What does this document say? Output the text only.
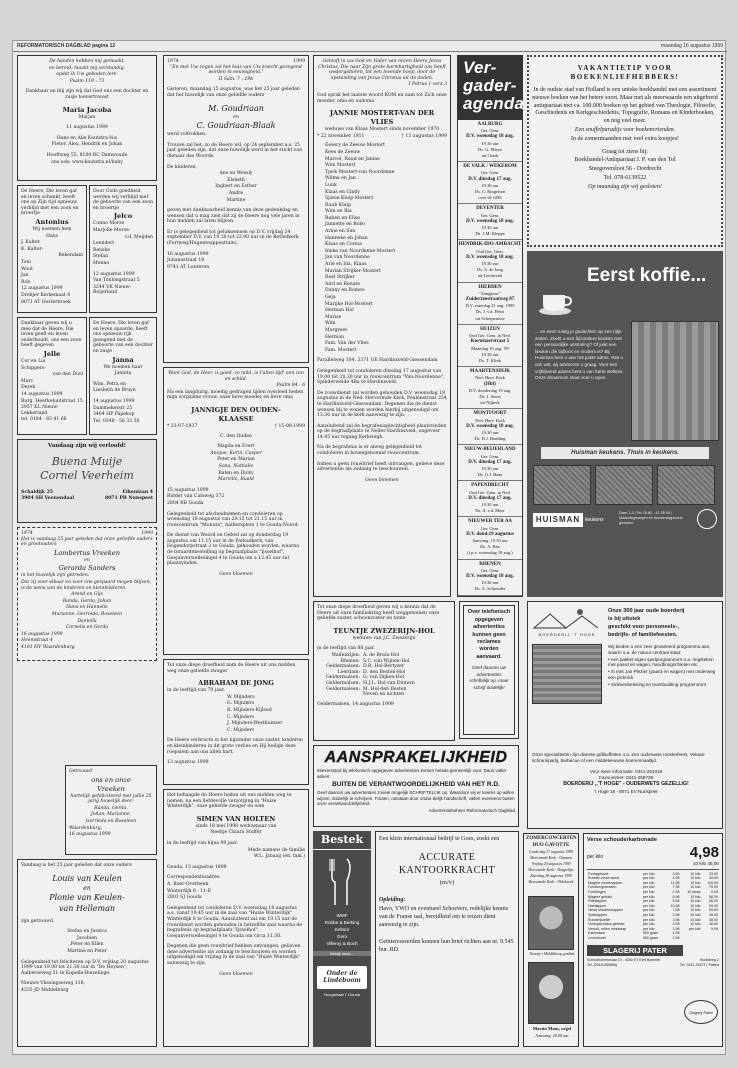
REFORMATORISCH DAGBLAD pagina 12	maandag 16 augustus 1999

De handen hebben mij gemaakt,

en bereid; maakt mij verstandig,

opdat ik Uw geboden lere.

Psalm 119 : 73

Dankbaar en blij zijn wij dat God ons een dochter en zusje toevertrouwt

Maria Jacoba

Marjan

11 augustus 1999

Hans en Alie Koutstra-Vos

Pieter, Alex, Hendrik en Johan

Hooftweg 55, 8104 BC Damwoude

ons ook: www.koutstra.nl/baby

De Heere, Die leven gaf en leven schenkt, heeft ons op Zijn tijd opnieuw verblijd met een zoon en broertje

Antonius

Wij noemen hem

Hans

J. Kalter

K. Kalter-

Bekendam

Toni

Wout

Jan

Rob

12 augustus 1999

Drehjer Kerkemaat 8

8071 AT Oosterbroek

Door Gods goedheid werden wij verblijd met de geboorte van een zoon en broertje

Jelco

Conno Morse

Marjolle Morse-

v.d. Meijden

Leendert

Renske

Stefan

Menno

12 augustus 1999

Van Tonlongstraat 5

3244 VK Nieuw-Beijerland

Dankbaar geven wij u mee dat de Heere, Die leven geeft en leven onderhoudt, ons een zoon heeft gegeven

Jelle

Cor en Lia

Schippers-

van den Dool

Marc

Derek

14 augustus 1999

Burg. Heerkebuitstraat 15

2957 KL Nieuw-Lekkerland

tel. 0184 - 83 41 66

De Heere, Die leven gaf en leven spaarde, heeft ons opnieuw rijk gezegend met de geboorte van een dochter en zusje

Janna

We noemen haar

Jannita

Wim, Petra en

Liesbeth de Bruyn

14 augustus 1999

Dammekerstr 25

3464 HP Papekop

Tel. 0348 - 56 33 30

Vandaag zijn wij verloofd!

Buena Muije

Cornel Veerheim

Schaldijk 25

3904 SH Veenendaal

Eikenlaan 4

8071 PB Nunspeet

1974	1999

Het is vandaag 25 jaar geleden dat onze geliefde ouders en grootouders

Lambertus Vreeken

en

Gerarda Sanders

in het huwelijk zijn getreden.

Dat zij voor elkaar en voor ons gespaard mogen blijven, is de wens van de kinderen en kleinkinderen.

Arend en Gijs

Randa, Gerda, Johan

Hans en Hannelie

Marianne, Gerrieda, Roseleen

Daniella

Cornelis en Gerda

16 augustus 1999

Heemstraat 4

4181 HV Waardenburg

Getrouwd

ons en onze

Vreeken

hartelijk gefeliciteerd met jullie 25 jarig huwelijk door:

Randa, Gerda,

Johan, Marianne,

Gerrieda en Roseleen

Waardenburg,

16 augustus 1999

Vandaag is het 25 jaar geleden dat onze ouders

Louis van Keulen

en

Plonie van Keulen-

van Helleman

zijn getrouwd.

Stefan en Jessica

Jacobien

Peter en Ellen

Martine en Peter

Gelegenheid tot feliciteren op D.V. vrijdag 20 augustus 1999 van 19.00 tot 21.30 uur in "De Heysen", Aalberseweg 51 te Kapelle-Biezelinge.

Nieuwe Vlissingseweg 116,

4335 JD Middelburg

1974	1999

"En met Uw zegen zal het huis van Uw knecht gezegend worden in eeuwigheid."

II Sam. 7 : 29b

Gisteren, maandag 15 augustus, was het 25 jaar geleden dat het huwelijk van onze geliefde ouders

M. Goudriaan

en

C. Goudriaan-Blaak

werd voltrokken.

Trouwe zal het, zo de Heere wil, op 24 september a.s. 25 jaar geleden zijn, dat onze huwelijk werd in het sticht van dienaar des Woords.

De kinderen,

Ans en Wessly

Elsbeth

Ingbert en Esther

Andre

Martine

geven met dankbaarheid kennis van deze gedenkdag en wensen dat u mag zien dat zij de Heere nog vele jaren in hun midden zal laten blijven.

Er is gelegenheid tot gelukwensen op D.V. vrijdag 24 september D.V. van 19.30 tot 22.00 uur in de Bethelkerk (Fortweg/Hugenteappeattain).

16 augustus 1999

Julianastraat 18

9741 AT Lunteren

Want God, de Heer, is goed, zo mild, is t'allen tijd' een zon en schild.

Psalm 84 : 6

Na een langdurig, moedig gedragen lijden overleed heden mijn zorgzame vrouw, onze lieve moeder en lieve oma

JANNIGJE DEN OUDEN-

KLAASSE

* 23-07-1937	† 15-08-1999

C. den Ouden

Magda en Evert

Anique, Karin, Casper

Peter en Marian

Sona, Nathalie

Baten en Dicky

Marvillo, Ruald

15 augustus 1999

Ridder van Catsweg 372

2804 RB Gouda

Gelegenheid tot afscheidnemen en condoleren op woensdag 18 augustus van 20.15 tot 21.15 uur in rouwcentrum "Monuta", Aalbersplein 1 te Gouda-Noord.

De dienst van Woord en Gebed zal op donderdag 19 augustus om 11.15 uur in de Parkadkerk, van Hogendorpstraat 2 te Gouda, gehouden worden, waarna de teraardebestelling op begraafplaats "Ijsselhof", Goejanverwellesingel 4 te Gouda om a 12.45 uur zal plaatsvinden.

Geen bloemen

Tot onze diepe droefheid nam de Heere uit ons midden weg onze geliefde zwager

ABRAHAM DE JONG

in de leeftijd van 79 jaar.

W. Mijnders

G. Mijnders

B. Mijnders-Kijlsuit

C. Mijnders

J. Mijnders-Westhuinzer

C. Mijnders

De Heere verbracte in het bijzonder onze zuster, kinderen en kleinkinderen in dit grote verlies en Hij heilige deze roepstem aan ons allen hart.

13 augustus 1999

Het behaagde de Heere heden uit ons midden weg te nemen, na een liefdevolle verzorging in "Huize Winterdijk", onze geliefde zwager en oom

SIMEN VAN HOLTEN

sinds 18 mei 1998 weduwnaar van

Neeltje Chiara Stoffer

in de leeftijd van bijna 99 jaar.

Mede namens de familie

W.L. Jabaaij (en. fam.)

Gouda, 13 augustus 1999

Correspondentieadres:

A. Boer-Overbeek

Winterdijk 8 - 11-E

2801 SJ Gouda

Gelegenheid tot condoleren D.V. woensdag 18 augustus a.s. vanaf 19.45 uur in de zaal van "Huize Winterdijk" Winterdijk 8 te Gouda. Aansluitend zal om 19.15 uur de rouwdienst worden gehouden in hetzelfde zaal waarna de begrafenis op begraafplaats "Ijsselhof", Goejanverwellesingel 4 te Gouda om circa 11.30.

Degenen die geen rouwbrief hebben ontvangen, gelieven deze advertentie als zodanig te beschouwen en worden uitgenodigd om vrijdag in de zaal van "Huize Winterdijk" aanwezig te zijn.

Geen bloemen

Gelooft in uw God en Vader van onzen Heere Jezus Christus, Die naar Zijn grote barmhartigheid ons heeft wedergeboren, tot een levende hoop, door de opstanding van Jezus Christus uit de doden.

I Petrus 1 vers 3

God sprak het laatste woord KOM en nam tot Zich onze moeder, oma en oudoma

JANNIE MOSTERT-VAN DER

VLIES

weduwe van Klaas Mostert sinds november 1970

* 22 november 1911	† 13 augustus 1999

Eesery de Zeeuw-Mostert

Kees de Zeeuw

Marcel, Ruud en Janine

Wim Mostert

Tjerk Mostert-van Noordenne

Wilma en Jan

Luuk

Klaas en Cindy

Sjanie Kluip-Mostert

Ruub Kluip

Wim en Ria

Ruben en Elise

Jannette en Bobo

Arnie en Sim

Hanneke en Johan

Klaas en Corina

Ineke van Noordenne-Mostert

Jan van Noordenne

Arie en Ida, Klaas

Marian Strijker-Mostert

Roel Strijker

Aird en Renate

Danny en Romeo

Geja

Marijke Hol-Mostert

Herman Hol

Marise

Wim

Margreet

Herman

Fam. Van der Vlies

Fam. Mostert

Paralleiweg 104, 3371 GE Hardinxveld-Giessendam

Gelegenheid tot condoleren dinsdag 17 augustus van 19.00 tot 20.30 uur in rouwcentrum "Van-Noordenne", Spinderweide 4Ba te Hardinxveld.

De rouwdienst zal worden gehouden D.V. woensdag 18 augustus in de Ned. Hervormde Kerk, Peulenstraat 254 te Hardinxveld-Giessendam. Degenen die de dienst wensen bij te wonen worden hierbij uitgenodigd om 13.30 uur in de kerk aanwezig te zijn.

Aansluitend zal de begrafenisplechtigheid plaatsvinden op de begraafplaats te Neder-Hardinxveld, ongeveer 14.45 uur tegang Kerkwegh.

Na de begrafenis is er alweg gelegenheid tot condoleren in bovengenoemd rouwcentrum.

Indien u geen rouwbrief heeft ontvangen, gelieve deze advertentie als zodanig te beschouwen.

Geen bloemen

Tot onze diepe droefheid geven wij u kennis dat de Heere uit onze familiekring heeft weggenomen onze geliefde zuster, schoonzuster en tante

TEUNTJE ZWEZERIJN-HOL

weduwe van J.C. Zwezerijn

in de leeftijd van 88 jaar.

Wadenxijen: A. de Bruin-Hol
Rhenen: S.C. van Wijnen-Hol
Geldermalsen: D.R. Hol-Bertyzer
Leerdam: D. den Besten-Hol
Geldermalsen: G. van Dijken-Hol
Geldermalsen: H.J.L. Hol-van Dintern
Geldermalsen: M. Hol-den Besten
Neven en nichten

Geldermalsen, 14 augustus 1999

Over telefonisch

opgegeven

advertenties

kunnen geen

reclames worden

aanvaard.

Geef daarom uw

advertenties

schriftelijk op, maar

schrijf duidelijk!

AANSPRAKELIJKHEID

Mieverstand bij telefonisch opgegeven advertenties komen helaas gemeenlijk voor. Daus valter advert

BUITEN DE VERANTWOORDELIJKHEID VAN HET R.D.

Geef daarom uw advertenties zoveel mogelijk SCHRIFTELIJK op. Waardoor wij er tevens op willen wijzen, duidelijk te schrijven. Fouten, ontstaan door ondui-delijk handschrift, vallen eveneens buiten onze verantwoordelijkheid.

Advertentiebeheer Reformatorisch Dagblad

Bestek

WMF

Robbe & Berking

Keltum

Gero

Villeroy & Boch

Bekijk onze...

Onder de Lindeboom

Hoogstraat 7 Gouda

Een klein internationaal bedrijf te Goes, zoekt een

ACCURATE

KANTOORKRACHT

(m/v)

Opleiding:

Havo, VWO en eventueel Schoevers, redelijke kennis van de Franse taal, bereidheid om te reizen dient aanwezig te zijn.

Geïnteresseerden kunnen hun brief richten aan nr. 9.545 bur. RD.

Ver-
gader-
agenda

AALBURG

Ger. Gem.

D.V. woensdag 18 aug.

19.30 uur

Ds. G. Mieye

uit Ootek

DE VALK / WEKEROM

Ger. Gem.

D.V. dinsdag 17 aug.

19.30 uur

Ds. C. Ringelsen

over de GBS

DEVENTER

Ger. Gem.

D.V. woensdag 18 aug.

19.30 uur

Ds. J.M. Kleppe

HENDRIK-IDO-AMBACHT

Oud Ger. Gem.

D.V. woensdag 18 aug.

19.30 uur

Ds. S. de Jong

uit Leerbroek

HIERDEN

"Zangkoor"

Zuiderzeestraatweg 87

D.V. zaterdag 21 aug. 1999

Ds. J. v.d. Heist

uit Scherpenisse

HUIZEN

Oud Ger. Gem. in Ned.

Kortenaerstraat 5

Maandag 16 aug. '99

19.30 uur

Ds. T. Klink

MAARTENSDIJK

Ned. Herv. Kerk

(Hbf)

D.V. donderdag 19 aug.

Ds. J. Steen

uit Nijkerk

MONTFOORT

Ned. Herv. Kerk

D.V. woensdag 18 aug.

19.30 uur

Ds. D.J. Budding

NIEUW-BEIJERLAND

Ger. Gem.

D.V. dinsdag 17 aug.

19.30 uur

Ds. G.J. Baan

PAPENDRECHT

Oud Ger. Gem. in Ned.

D.V. dinsdag 17 aug.

19.30 uur

Ds. A. v.d. Meer

NIEUWER TER AA

Ger. Gem.

D.V. dond.19 augustus

Aanvang: 19.30 uur

Ds. A. Bax

(t.p.v. woensdag 18 aug.)

RHENEN

Ger. Gem.

D.V. woensdag 18 aug.

19.30 uur

Ds. A. Schreuder

VAKANTIETIP VOOR

BOEKENLIEFHEBBERS!

In de oudste stad van Holland is een unieke boekhandel met een assortiment nieuwe boeken van het betere soort. Maar met als meerwaarde een uitgebreid antiquariaat met ca. 100.000 boeken op het gebied van Theologie, Filosofie, Geschiedenis en Kerkgeschiedenis, Topografie, Romans en Kinderboeken, en nog veel meer.

Een snuffelparadijs voor boekenvrienden.

In de zomermaanden met veel extra koopjes!

Graag tot ziens bij:

Boekhandel-Antiquariaat J. P. van den Tol

Steegoversloot 56 - Dordrecht

Tel. 078-6139522

Op maandag zijn wij gesloten!

Eerst koffie...

... en even rustig je gedachten op een rijtje zetten. Zoekt u een bijzondere keuken met een persoonlijke uitstraling? Of juist een keuken die tijdloos en modern is? Bij Huisman bent u aan het juiste adres. Wat u ook wilt, wij adviseren u graag. Voor een vrijblijvend advies bent u van harte welkom. Onze showroom staat voor u open.

Huisman keukens. Thuis in keukens.

HUISMAN keukens

Dam 1-3 | Tel. 0180 - 41 35 00 | Maandagmorgen en donderdagavond gesloten

BOERDERIJ 'T HOGE

Onze 300 jaar oude boerderij

is bij uitstek

geschikt voor personeels-,

bedrijfs- of familiefeesten.

Wij bieden u een zeer gevarieerd programma aan, waarin o.a. de natuur centraal staat:

• een pakket eigen spelprogramma's o.a. ringsteken met paard en wagen, handboogschieten etc.

• rit met Jan Plezier (paard en wagen) met onderweg een picknick

• Sinkeenbeleving en teambuilding programma's

Onze specialiteiten zijn diverse grillbuffetten o.a. een ouderwets roosterfeest, Veluwe schranspartij, barbecue of een middeleeuwse boerenmaaltijd.

Voor meer informatie: 0341-251018

Faxnummer: 0341-258738

BOERDERIJ ,,'T HOGE'' - OUDERWETS GEZELLIG!

't Hoge 18 - 8071 EV Nunspeet

ZOMERCONCERTEN

DUO GAVOTTE

Gosde dag 27 augustus 1999

Hervormde Kerk - Ommen

Vrijdag 20 augustus 1999

Hervormde Kerk - Burgerlijst

Zaterdag 28 augustus 1999

Hervormde Kerk - Oldebroek

Noortje v Middelkoop, panfluit

Martin Mans, orgel

Aanvang: 20.00 uur

Verse schouderkarbonade

per kilo	4,98

10 kilo 48,00

Fontagrilazie	per kilo	3,50	10 kilo	33,00
Runder verse worst	per kilo	4,98	10 kilo	49,00
Magere runderlappen	per kilo	11,98	10 kilo	115,00
Fondue/gebraden	per kilo	7,98	10 kilo	79,00
Fondlingen	per kilo	2,98	10 stuks	9,25
Magere gehakt	per kilo	5,98	10 kilo	58,00
Filtetlappen	per kilo	5,98	10 kilo	58,00
Hamlappen	per kilo	10,98	10 kilo	99,00
Verse shoarmalappen	per kilo	7,98	10 kilo	59,00
Speklappen	per kilo	2,98	10 kilo	28,00
Runderpoelier	per kilo	3,98	10 kilo	38,00
Vleesjavrolcius gelever	per kilo	3,98	10 kilo	48,00
Versuit, rollen ministeap	per kilo	3,98	per kilo	9,99
Kalmsaam	500 gram	1,98		
Leverwurst	500 gram	1,98		
SLAGERIJ PATER
Slagerij Pater

Schoolboerenwaal 10 - 4040 KT Eert Bommel

Tel. (0318-655885)

Koolsteeg 2

Tel. 0341-252717 Putten
